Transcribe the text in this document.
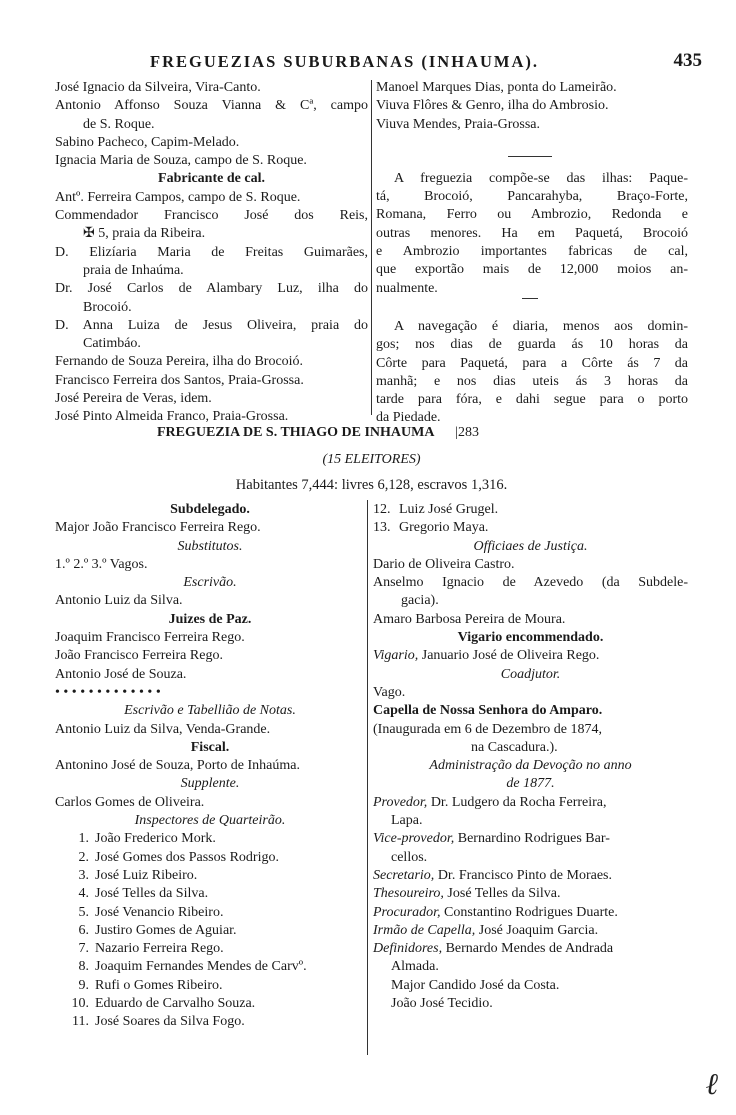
FREGUEZIAS SUBURBANAS (INHAUMA).	435
José Ignacio da Silveira, Vira-Canto.
Antonio Affonso Souza Vianna & Cª, campo
de S. Roque.
Sabino Pacheco, Capim-Melado.
Ignacia Maria de Souza, campo de S. Roque.
Fabricante de cal.
Antº. Ferreira Campos, campo de S. Roque.
Commendador Francisco José dos Reis,
✠ 5, praia da Ribeira.
D. Elizíaria Maria de Freitas Guimarães,
praia de Inhaúma.
Dr. José Carlos de Alambary Luz, ilha do
Brocoió.
D. Anna Luiza de Jesus Oliveira, praia do
Catimbáo.
Fernando de Souza Pereira, ilha do Brocoió.
Francisco Ferreira dos Santos, Praia-Grossa.
José Pereira de Veras, idem.
José Pinto Almeida Franco, Praia-Grossa.
Manoel Marques Dias, ponta do Lameirão.
Viuva Flôres & Genro, ilha do Ambrosio.
Viuva Mendes, Praia-Grossa.
A freguezia compõe-se das ilhas: Paque-
tá, Brocoió, Pancarahyba, Braço-Forte,
Romana, Ferro ou Ambrozio, Redonda e
outras menores. Ha em Paquetá, Brocoió
e Ambrozio importantes fabricas de cal,
que exportão mais de 12,000 moios an-
nualmente.
A navegação é diaria, menos aos domin-
gos; nos dias de guarda ás 10 horas da
Côrte para Paquetá, para a Côrte ás 7 da
manhã; e nos dias uteis ás 3 horas da
tarde para fóra, e dahi segue para o porto
da Piedade.
FREGUEZIA DE S. THIAGO DE INHAUMA |283
(15 ELEITORES)
Habitantes 7,444: livres 6,128, escravos 1,316.
Subdelegado.
Major João Francisco Ferreira Rego.
Substitutos.
1.º 2.º 3.º Vagos.
Escrivão.
Antonio Luiz da Silva.
Juizes de Paz.
Joaquim Francisco Ferreira Rego.
João Francisco Ferreira Rego.
Antonio José de Souza.
• • • • • • • • • • • • •
Escrivão e Tabellião de Notas.
Antonio Luiz da Silva, Venda-Grande.
Fiscal.
Antonino José de Souza, Porto de Inhaúma.
Supplente.
Carlos Gomes de Oliveira.
Inspectores de Quarteirão.
1. João Frederico Mork.
2. José Gomes dos Passos Rodrigo.
3. José Luiz Ribeiro.
4. José Telles da Silva.
5. José Venancio Ribeiro.
6. Justiro Gomes de Aguiar.
7. Nazario Ferreira Rego.
8. Joaquim Fernandes Mendes de Carvº.
9. Rufi o Gomes Ribeiro.
10. Eduardo de Carvalho Souza.
11. José Soares da Silva Fogo.
12. Luiz José Grugel.
13. Gregorio Maya.
Officiaes de Justiça.
Dario de Oliveira Castro.
Anselmo Ignacio de Azevedo (da Subdele-
gacia).
Amaro Barbosa Pereira de Moura.
Vigario encommendado.
Vigario, Januario José de Oliveira Rego.
Coadjutor.
Vago.
Capella de Nossa Senhora do Amparo.
(Inaugurada em 6 de Dezembro de 1874,
na Cascadura.).
Administração da Devoção no anno
de 1877.
Provedor, Dr. Ludgero da Rocha Ferreira,
Lapa.
Vice-provedor, Bernardino Rodrigues Bar-
cellos.
Secretario, Dr. Francisco Pinto de Moraes.
Thesoureiro, José Telles da Silva.
Procurador, Constantino Rodrigues Duarte.
Irmão de Capella, José Joaquim Garcia.
Definidores, Bernardo Mendes de Andrada
Almada.
Major Candido José da Costa.
João José Tecidio.
ℓ
